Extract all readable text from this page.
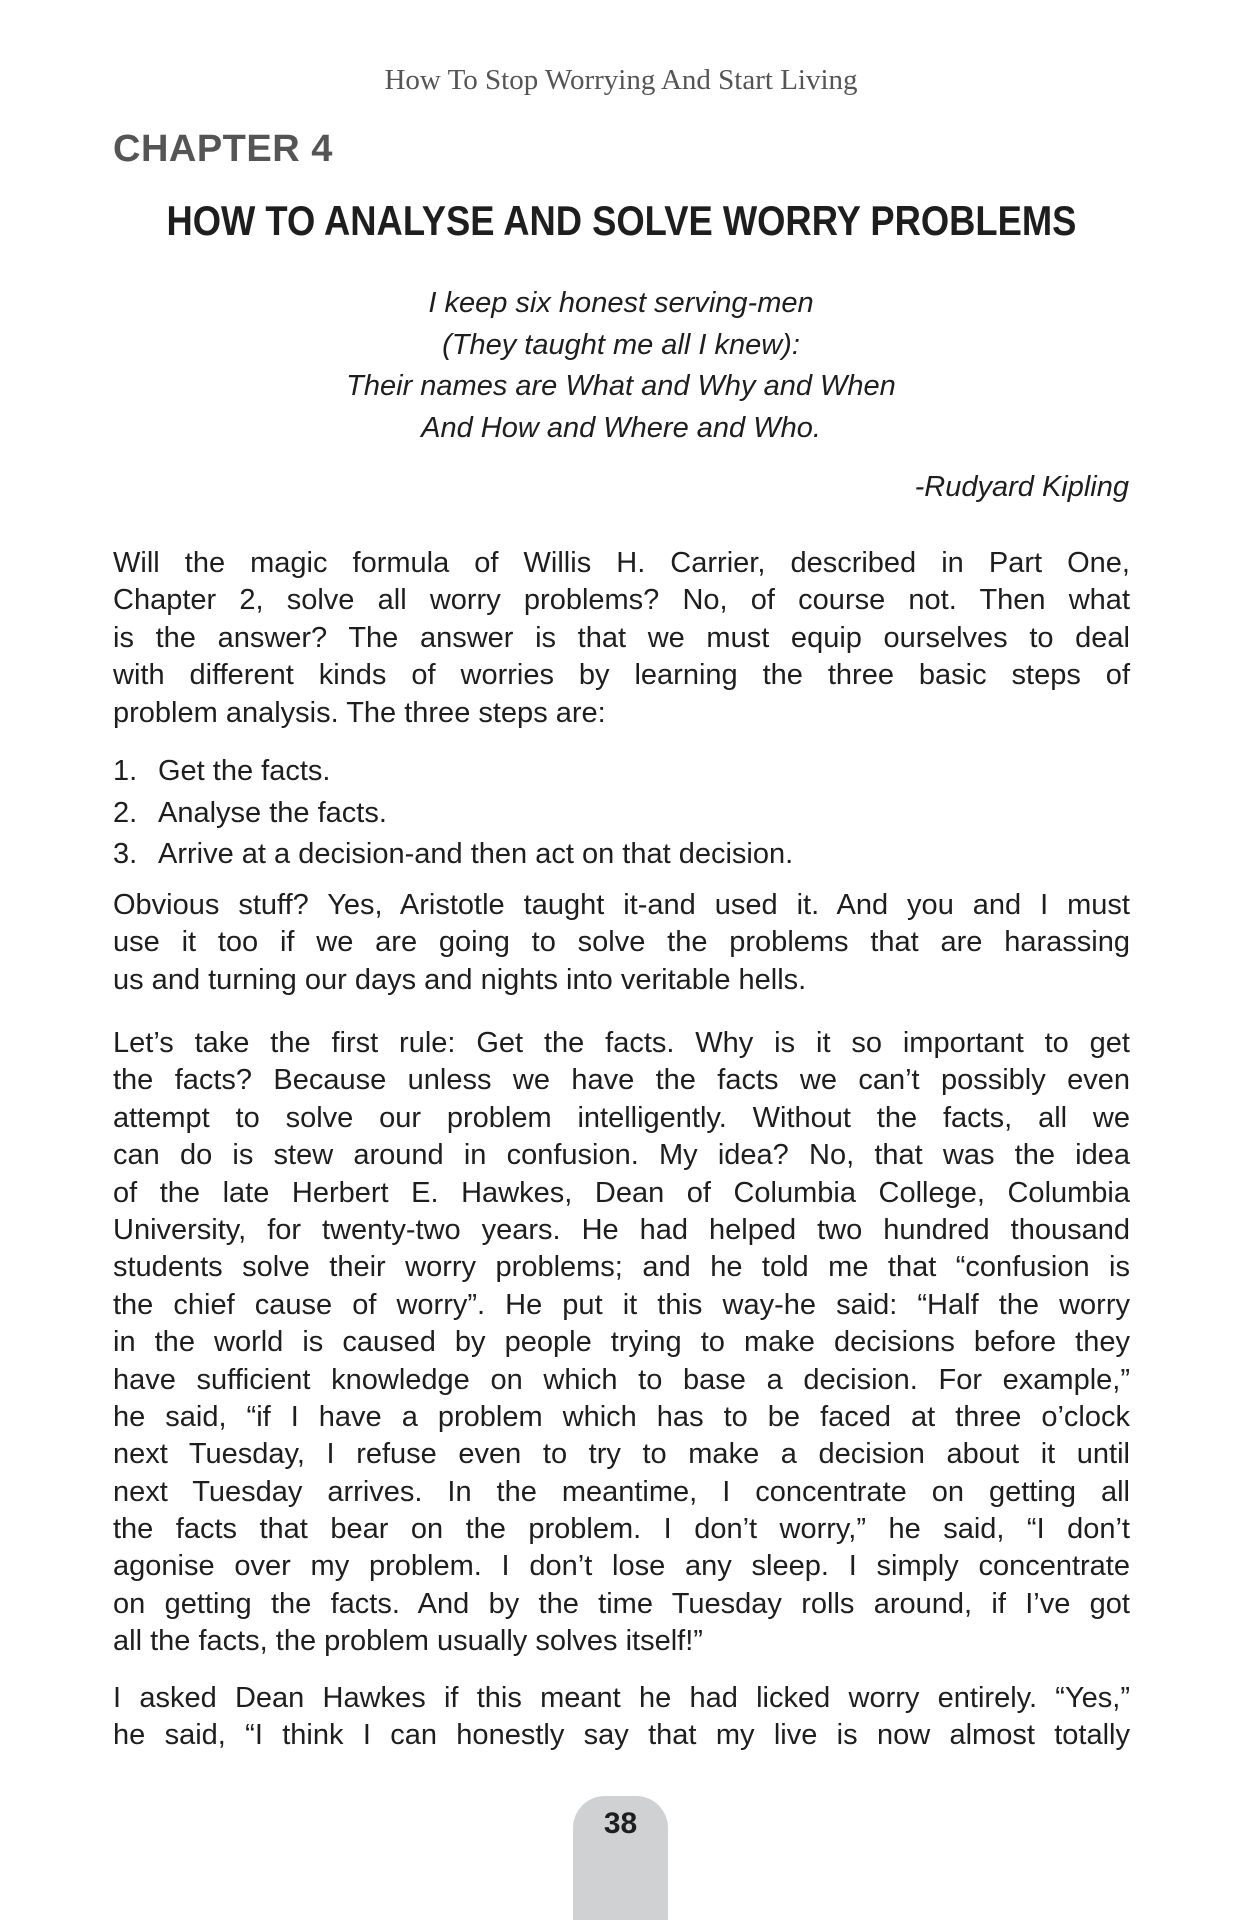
How To Stop Worrying And Start Living
CHAPTER 4
HOW TO ANALYSE AND SOLVE WORRY PROBLEMS
I keep six honest serving-men
(They taught me all I knew):
Their names are What and Why and When
And How and Where and Who.
-Rudyard Kipling
Will the magic formula of Willis H. Carrier, described in Part One,
Chapter 2, solve all worry problems? No, of course not. Then what
is the answer? The answer is that we must equip ourselves to deal
with different kinds of worries by learning the three basic steps of
problem analysis. The three steps are:
1. Get the facts.
2. Analyse the facts.
3. Arrive at a decision-and then act on that decision.
Obvious stuff? Yes, Aristotle taught it-and used it. And you and I must
use it too if we are going to solve the problems that are harassing
us and turning our days and nights into veritable hells.
Let’s take the first rule: Get the facts. Why is it so important to get
the facts? Because unless we have the facts we can’t possibly even
attempt to solve our problem intelligently. Without the facts, all we
can do is stew around in confusion. My idea? No, that was the idea
of the late Herbert E. Hawkes, Dean of Columbia College, Columbia
University, for twenty-two years. He had helped two hundred thousand
students solve their worry problems; and he told me that “confusion is
the chief cause of worry”. He put it this way-he said: “Half the worry
in the world is caused by people trying to make decisions before they
have sufficient knowledge on which to base a decision. For example,”
he said, “if I have a problem which has to be faced at three o’clock
next Tuesday, I refuse even to try to make a decision about it until
next Tuesday arrives. In the meantime, I concentrate on getting all
the facts that bear on the problem. I don’t worry,” he said, “I don’t
agonise over my problem. I don’t lose any sleep. I simply concentrate
on getting the facts. And by the time Tuesday rolls around, if I’ve got
all the facts, the problem usually solves itself!”
I asked Dean Hawkes if this meant he had licked worry entirely. “Yes,”
he said, “I think I can honestly say that my live is now almost totally
38
